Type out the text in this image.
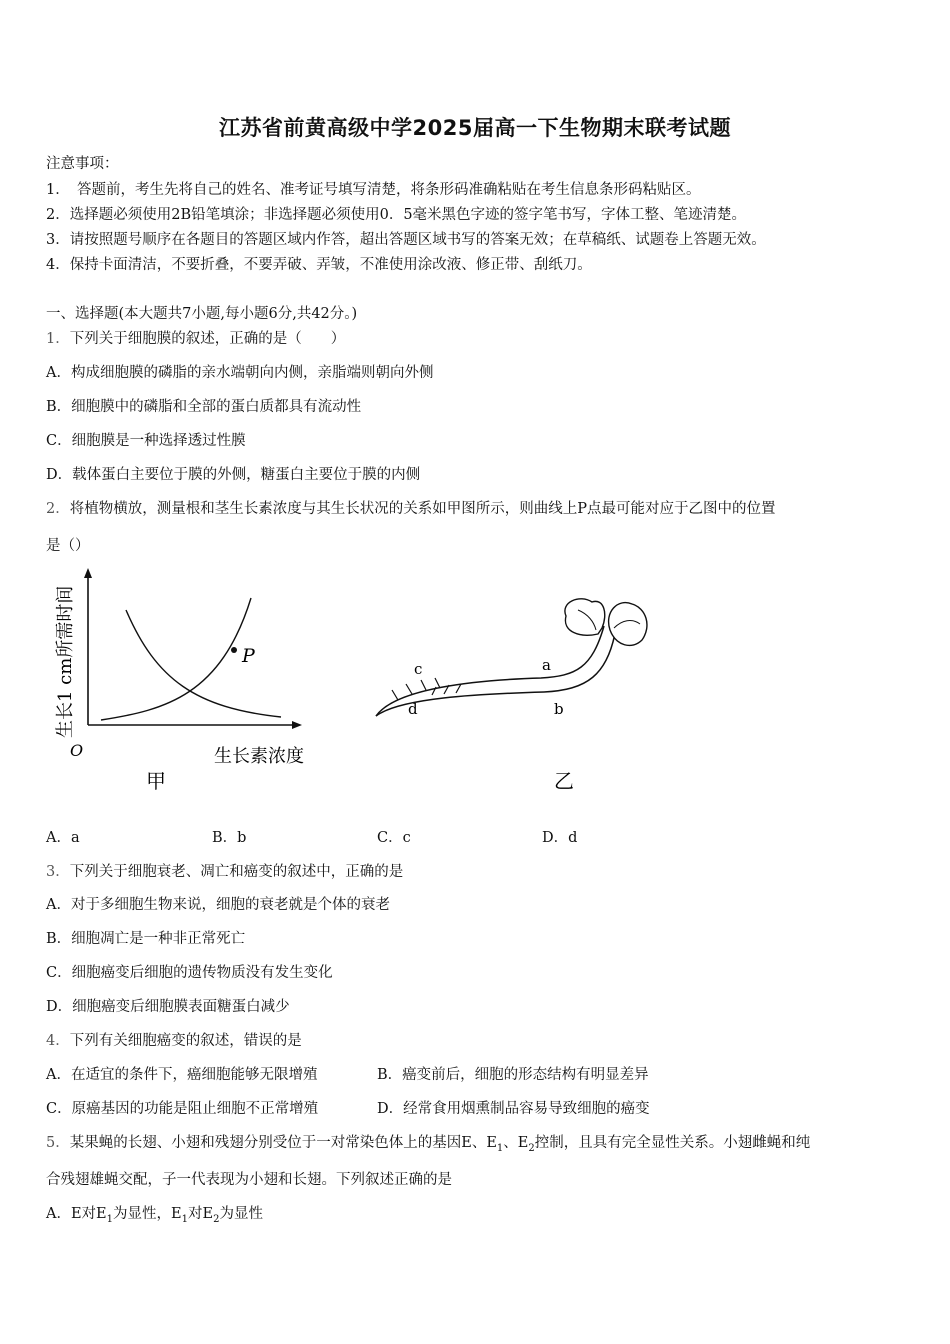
江苏省前黄高级中学2025届高一下生物期末联考试题
注意事项：
1．　答题前，考生先将自己的姓名、准考证号填写清楚，将条形码准确粘贴在考生信息条形码粘贴区。
2．选择题必须使用2B铅笔填涂；非选择题必须使用0．5毫米黑色字迹的签字笔书写，字体工整、笔迹清楚。
3．请按照题号顺序在各题目的答题区域内作答，超出答题区域书写的答案无效；在草稿纸、试题卷上答题无效。
4．保持卡面清洁，不要折叠，不要弄破、弄皱，不准使用涂改液、修正带、刮纸刀。
一、选择题(本大题共7小题,每小题6分,共42分。)
1．下列关于细胞膜的叙述，正确的是（　　）
A．构成细胞膜的磷脂的亲水端朝向内侧，亲脂端则朝向外侧
B．细胞膜中的磷脂和全部的蛋白质都具有流动性
C．细胞膜是一种选择透过性膜
D．载体蛋白主要位于膜的外侧，糖蛋白主要位于膜的内侧
2．将植物横放，测量根和茎生长素浓度与其生长状况的关系如甲图所示，则曲线上P点最可能对应于乙图中的位置
是（）
P
O	生长素浓度
生长1 cm所需时间
甲
c	a
d	b
乙
A．a	B．b	C．c	D．d
3．下列关于细胞衰老、凋亡和癌变的叙述中，正确的是
A．对于多细胞生物来说，细胞的衰老就是个体的衰老
B．细胞凋亡是一种非正常死亡
C．细胞癌变后细胞的遗传物质没有发生变化
D．细胞癌变后细胞膜表面糖蛋白减少
4．下列有关细胞癌变的叙述，错误的是
A．在适宜的条件下，癌细胞能够无限增殖	B．癌变前后，细胞的形态结构有明显差异
C．原癌基因的功能是阻止细胞不正常增殖	D．经常食用烟熏制品容易导致细胞的癌变
5．某果蝇的长翅、小翅和残翅分别受位于一对常染色体上的基因E、$E_1$、$E_2$控制，且具有完全显性关系。小翅雌蝇和纯
合残翅雄蝇交配，子一代表现为小翅和长翅。下列叙述正确的是
A．E对$E_1$为显性，$E_1$对$E_2$为显性
